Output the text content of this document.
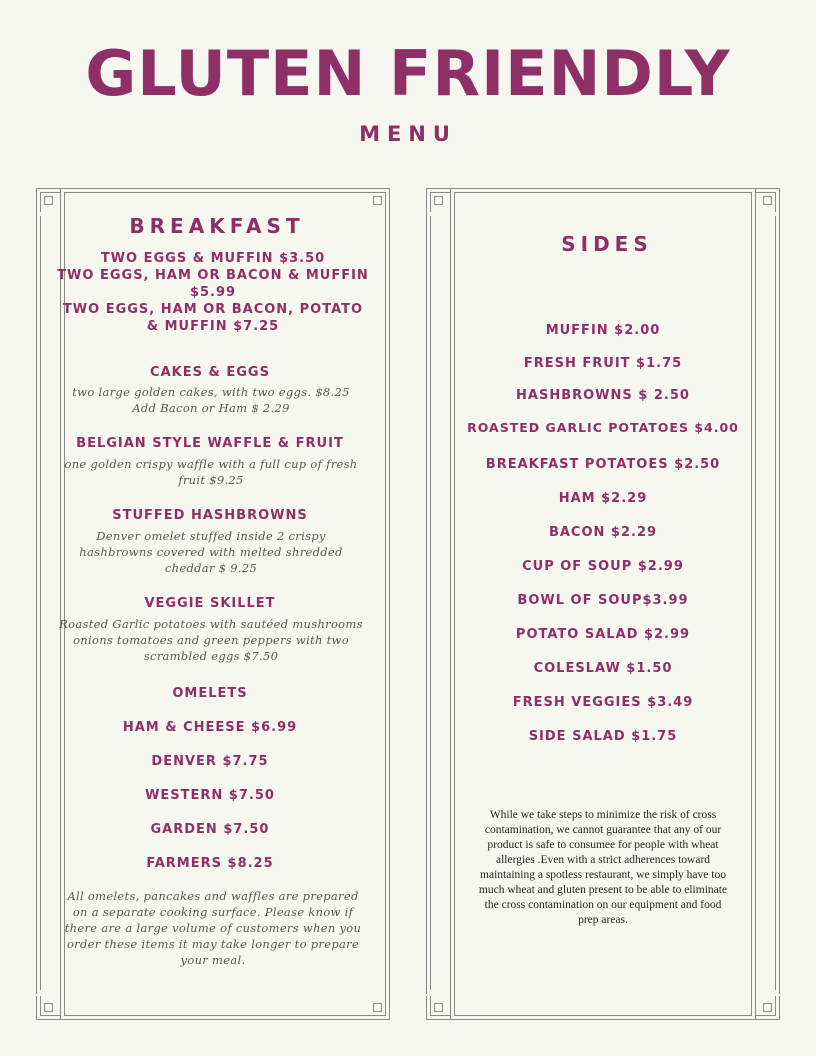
GLUTEN FRIENDLY
MENU
BREAKFAST
TWO EGGS & MUFFIN $3.50
TWO EGGS, HAM OR BACON & MUFFIN $5.99
TWO EGGS, HAM OR BACON, POTATO & MUFFIN $7.25
CAKES & EGGS
two large golden cakes, with two eggs. $8.25 Add Bacon or Ham $ 2.29
BELGIAN STYLE WAFFLE & FRUIT
one golden crispy waffle with a full cup of fresh fruit $9.25
STUFFED HASHBROWNS
Denver omelet stuffed inside 2 crispy hashbrowns covered with melted shredded cheddar $ 9.25
VEGGIE SKILLET
Roasted Garlic potatoes with sautéed mushrooms onions tomatoes and green peppers with two scrambled eggs $7.50
OMELETS
HAM & CHEESE $6.99
DENVER $7.75
WESTERN $7.50
GARDEN $7.50
FARMERS $8.25
All omelets, pancakes and waffles are prepared on a separate cooking surface. Please know if there are a large volume of customers when you order these items it may take longer to prepare your meal.
SIDES
MUFFIN $2.00
FRESH FRUIT $1.75
HASHBROWNS $ 2.50
ROASTED GARLIC POTATOES $4.00
BREAKFAST POTATOES $2.50
HAM $2.29
BACON $2.29
CUP OF SOUP $2.99
BOWL OF SOUP$3.99
POTATO SALAD $2.99
COLESLAW $1.50
FRESH VEGGIES $3.49
SIDE SALAD $1.75
While we take steps to minimize the risk of cross contamination, we cannot guarantee that any of our product is safe to consumee for people with wheat allergies .Even with a strict adherences toward maintaining a spotless restaurant, we simply have too much wheat and gluten present to be able to eliminate the cross contamination on our equipment and food prep areas.
